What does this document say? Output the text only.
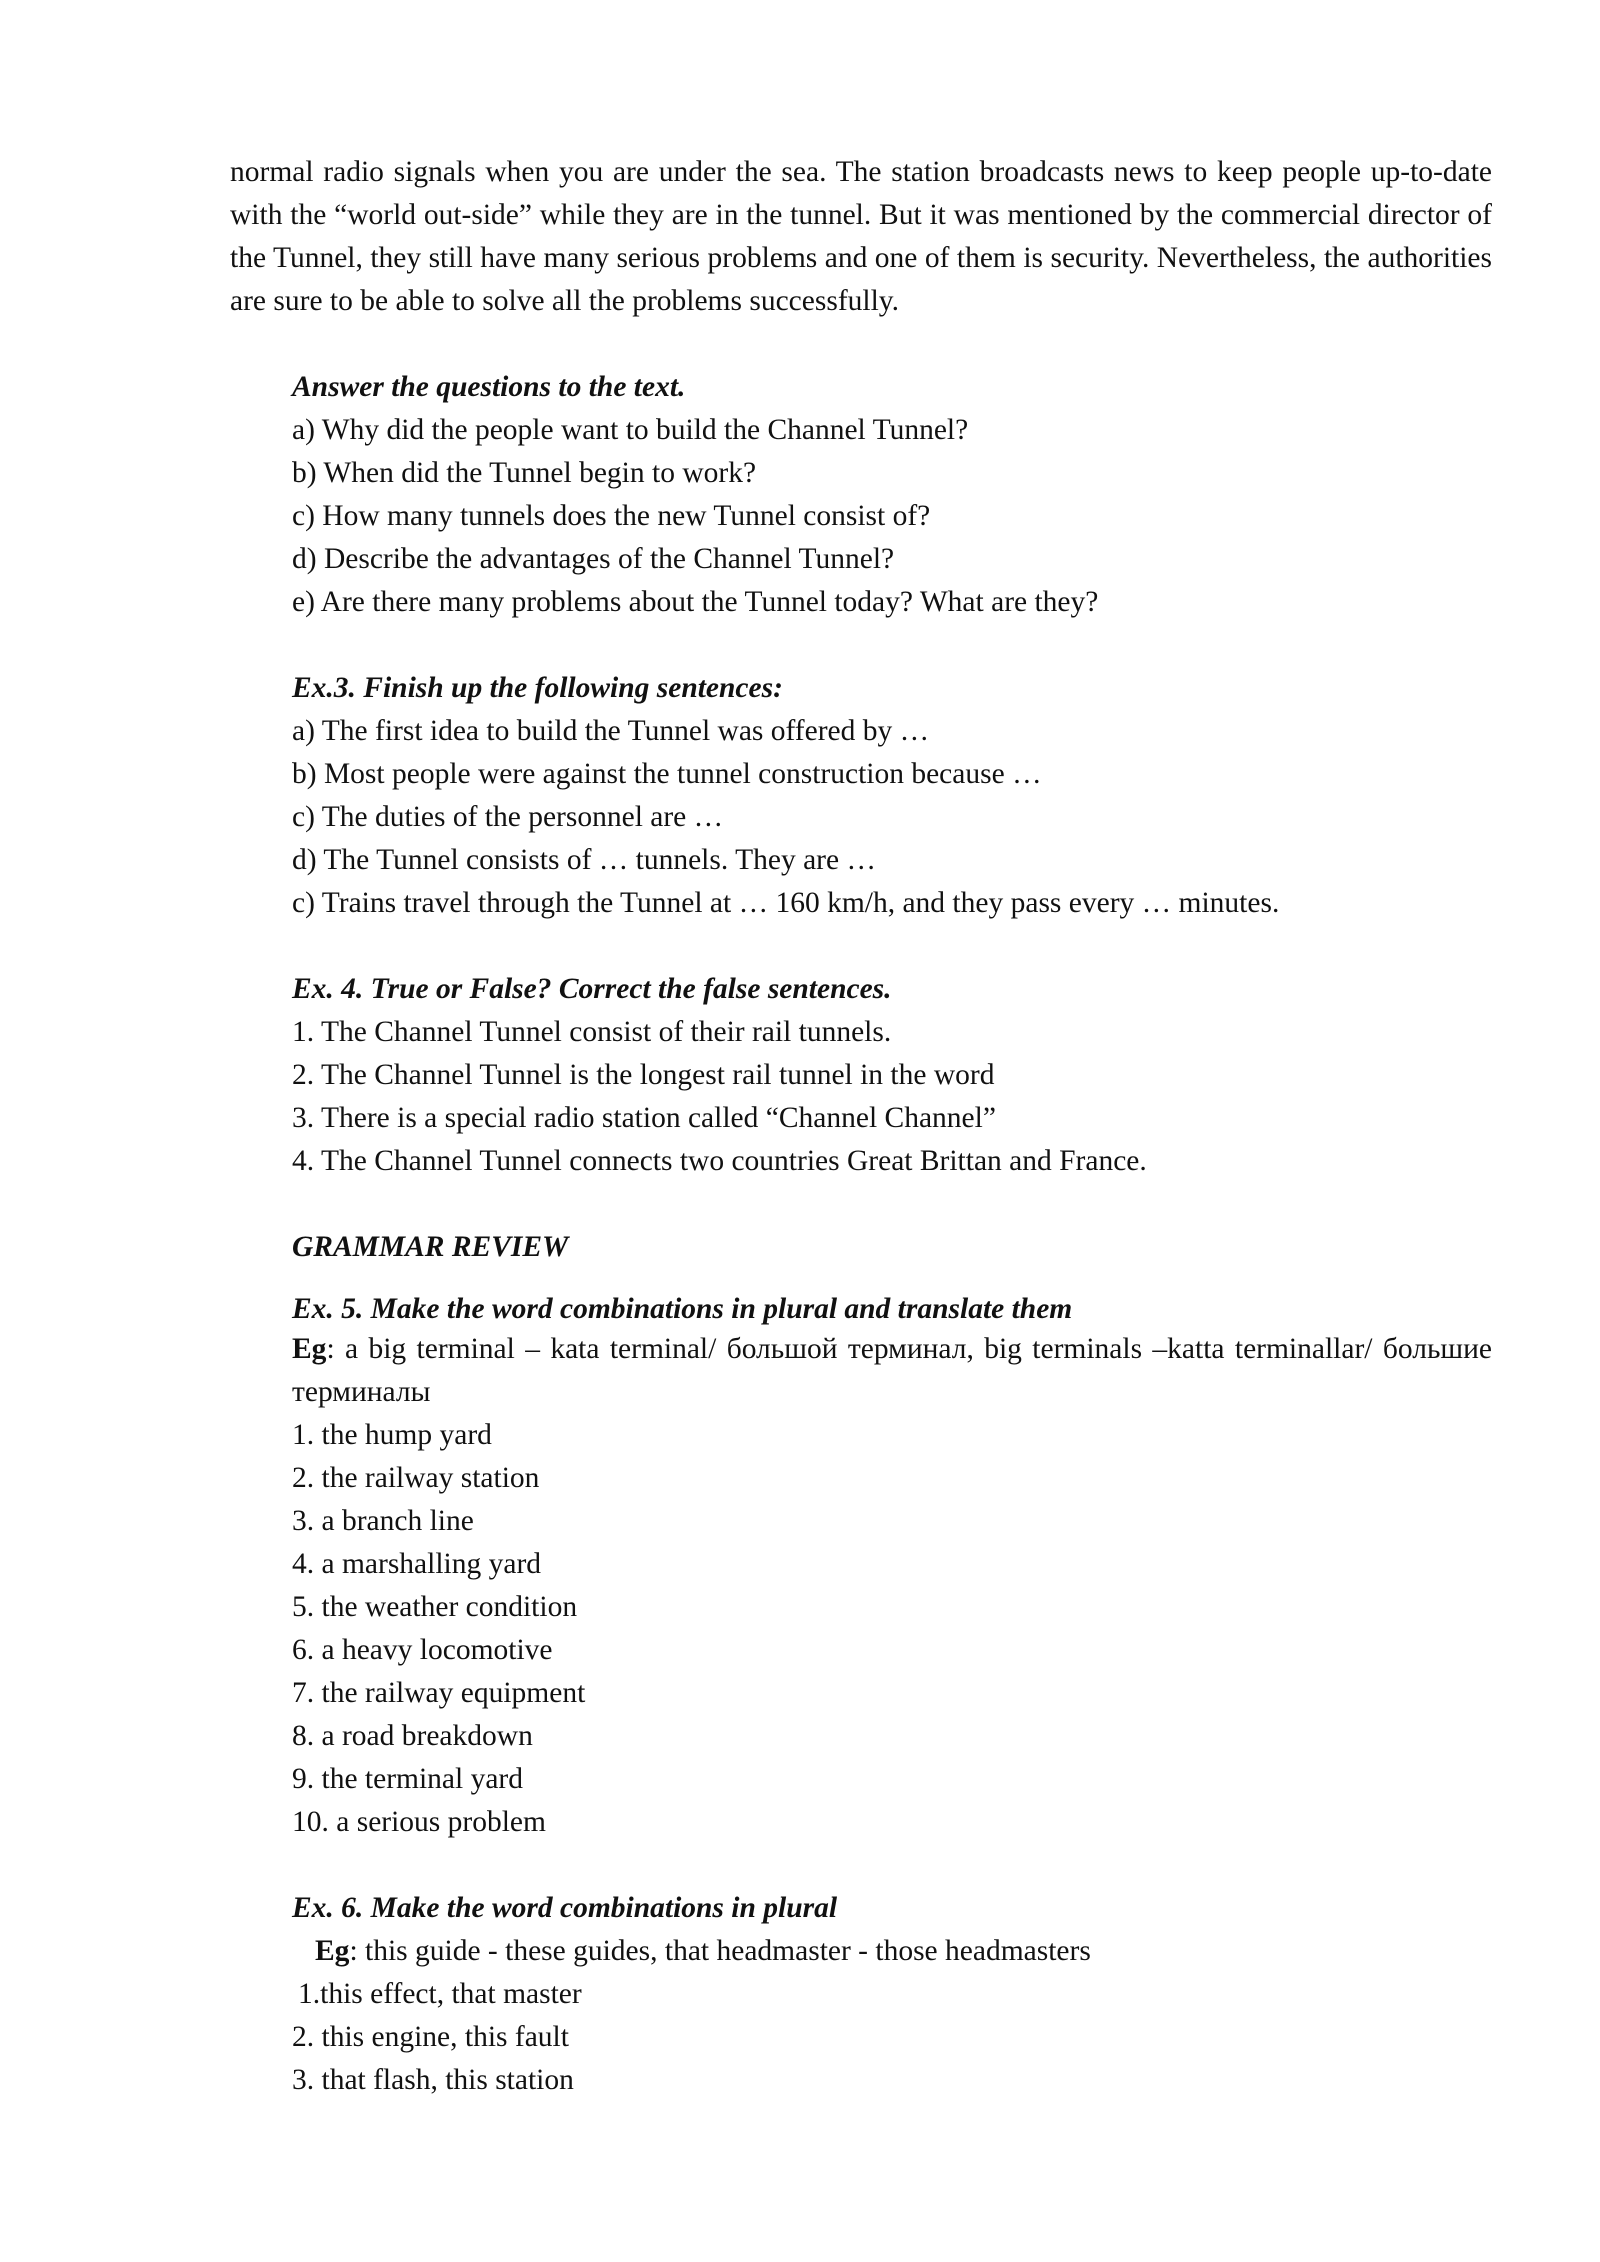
normal radio signals when you are under the sea. The station broadcasts news to keep people up-to-date with the “world out-side” while they are in the tunnel. But it was mentioned by the commercial director of the Tunnel, they still have many serious problems and one of them is security. Nevertheless, the authorities are sure to be able to solve all the problems successfully.

Answer the questions to the text.
a) Why did the people want to build the Channel Tunnel?
b) When did the Tunnel begin to work?
c) How many tunnels does the new Tunnel consist of?
d) Describe the advantages of the Channel Tunnel?
e) Are there many problems about the Tunnel today? What are they?
Ex.3. Finish up the following sentences:
a) The first idea to build the Tunnel was offered by …
b) Most people were against the tunnel construction because …
c) The duties of the personnel are …
d) The Tunnel consists of … tunnels. They are …
c) Trains travel through the Tunnel at … 160 km/h, and they pass every … minutes.
Ex. 4. True or False? Correct the false sentences.
1. The Channel Tunnel consist of their rail tunnels.
2. The Channel Tunnel is the longest rail tunnel in the word
3. There is a special radio station called “Channel Channel”
4. The Channel Tunnel connects two countries Great Brittan and France.
GRAMMAR REVIEW
Ex. 5. Make the word combinations in plural and translate them

Eg: a big terminal – kata terminal/ большой терминал, big terminals –katta terminallar/ большие терминалы

1. the hump yard
2. the railway station
3. a branch line
4. a marshalling yard
5. the weather condition
6. a heavy locomotive
7. the railway equipment
8. a road breakdown
9. the terminal yard
10. a serious problem
Ex. 6. Make the word combinations in plural
Eg: this guide - these guides, that headmaster - those headmasters
1.this effect, that master
2. this engine, this fault
3. that flash, this station
